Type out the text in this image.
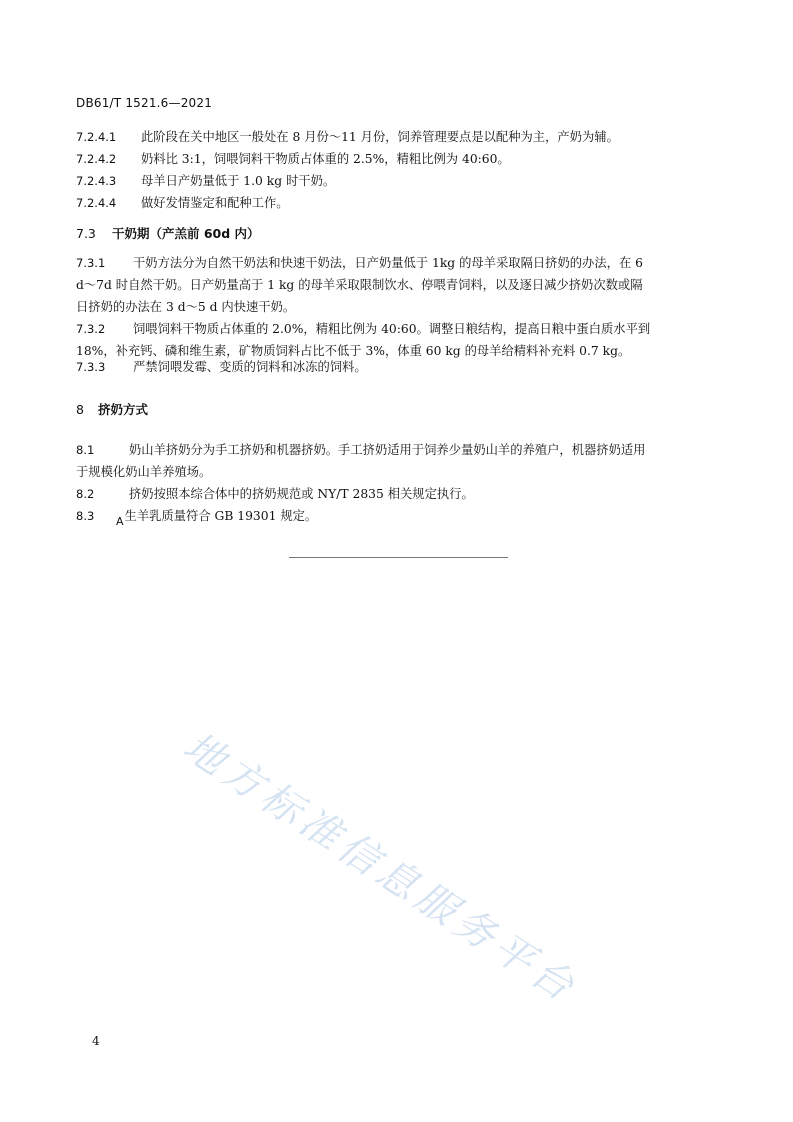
DB61/T 1521.6—2021
7.2.4.1 此阶段在关中地区一般处在 8 月份～11 月份，饲养管理要点是以配种为主，产奶为辅。
7.2.4.2 奶料比 3:1，饲喂饲料干物质占体重的 2.5%，精粗比例为 40:60。
7.2.4.3 母羊日产奶量低于 1.0 kg 时干奶。
7.2.4.4 做好发情鉴定和配种工作。
7.3 干奶期（产羔前 60d 内）
7.3.1 干奶方法分为自然干奶法和快速干奶法，日产奶量低于 1kg 的母羊采取隔日挤奶的办法，在 6
d～7d 时自然干奶。日产奶量高于 1 kg 的母羊采取限制饮水、停喂青饲料，以及逐日减少挤奶次数或隔
日挤奶的办法在 3 d～5 d 内快速干奶。
7.3.2 饲喂饲料干物质占体重的 2.0%，精粗比例为 40:60。调整日粮结构，提高日粮中蛋白质水平到
18%，补充钙、磷和维生素，矿物质饲料占比不低于 3%，体重 60 kg 的母羊给精料补充料 0.7 kg。
7.3.3 严禁饲喂发霉、变质的饲料和冰冻的饲料。
8 挤奶方式
8.1	奶山羊挤奶分为手工挤奶和机器挤奶。手工挤奶适用于饲养少量奶山羊的养殖户，机器挤奶适用
于规模化奶山羊养殖场。
8.2	挤奶按照本综合体中的挤奶规范或 NY/T 2835 相关规定执行。
8.3 A生羊乳质量符合 GB 19301 规定。
地方标准信息服务平台
4
